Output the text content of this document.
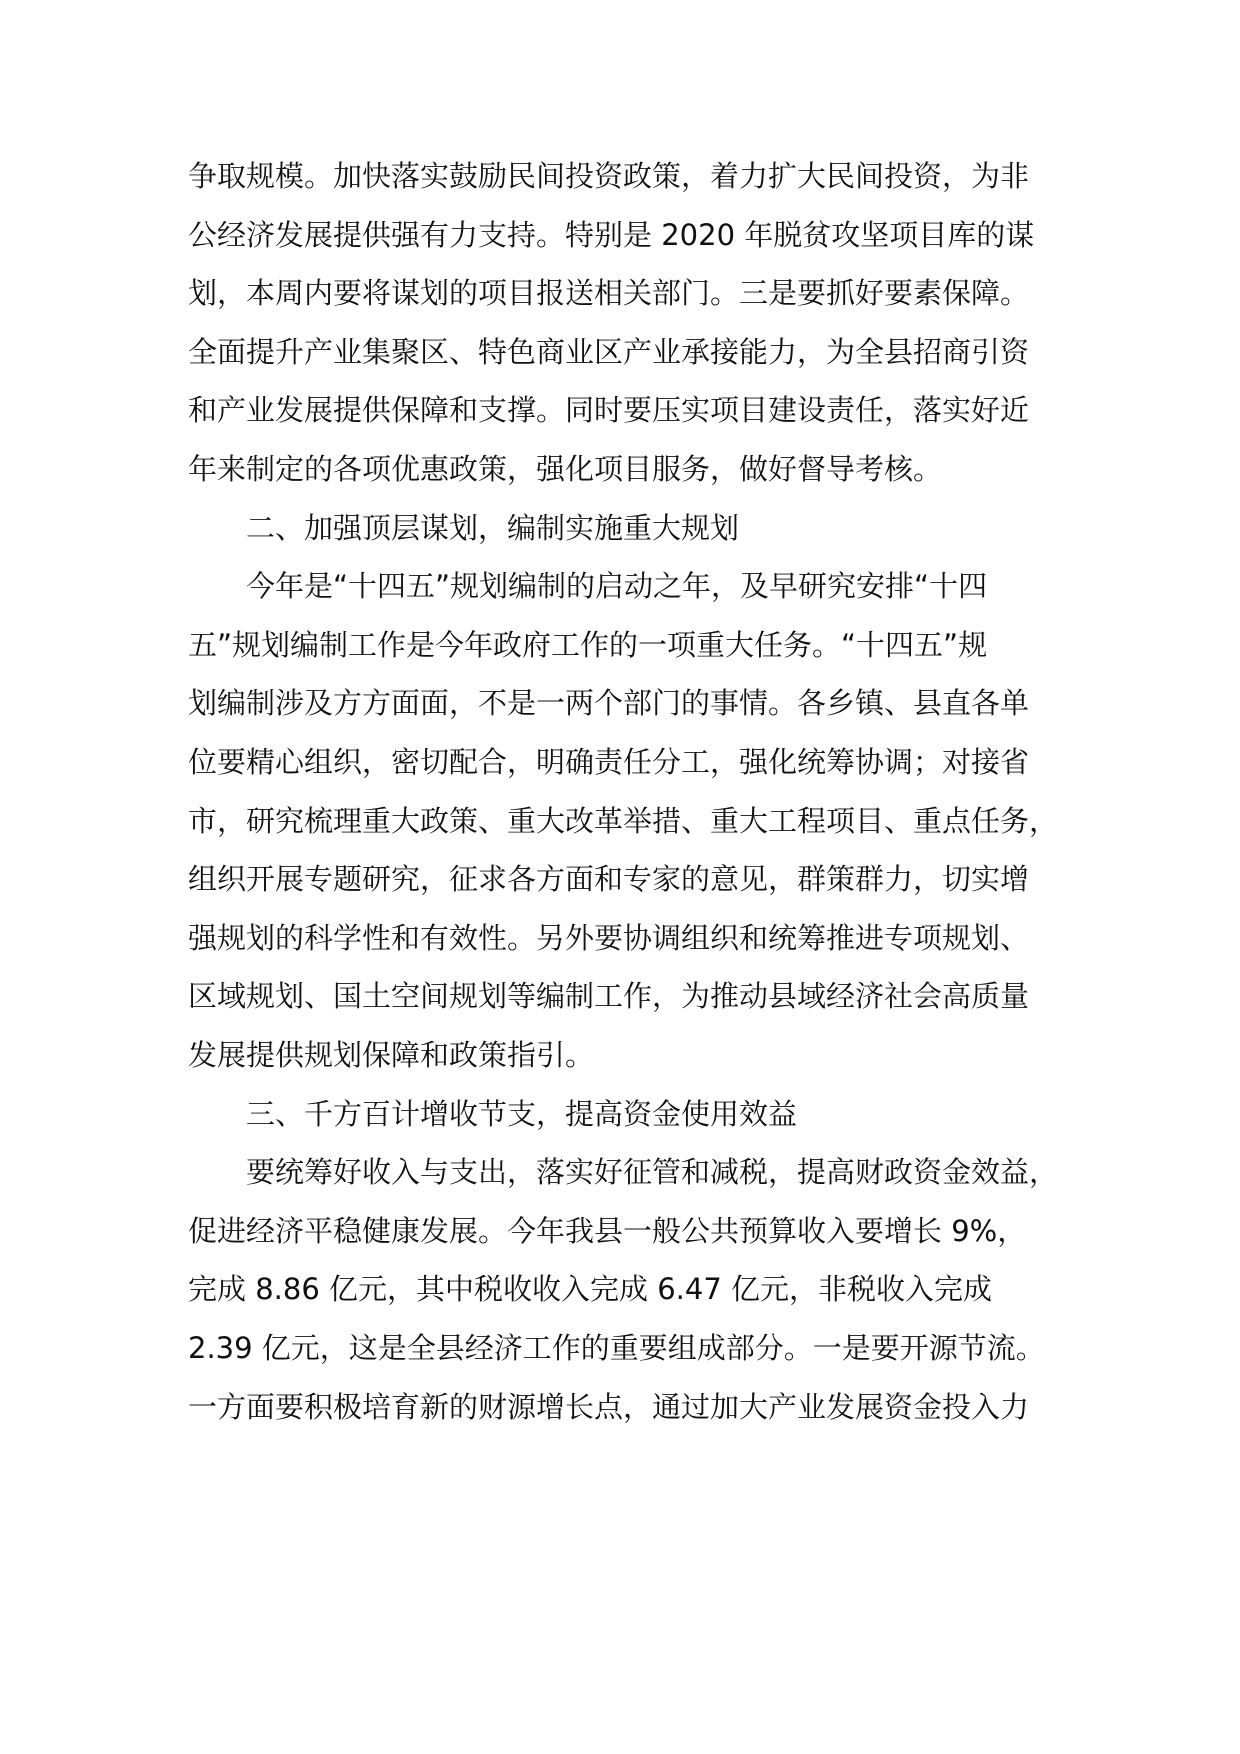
争取规模。加快落实鼓励民间投资政策，着力扩大民间投资，为非
公经济发展提供强有力支持。特别是 2020 年脱贫攻坚项目库的谋
划，本周内要将谋划的项目报送相关部门。三是要抓好要素保障。
全面提升产业集聚区、特色商业区产业承接能力，为全县招商引资
和产业发展提供保障和支撑。同时要压实项目建设责任，落实好近
年来制定的各项优惠政策，强化项目服务，做好督导考核。
二、加强顶层谋划，编制实施重大规划
今年是“十四五”规划编制的启动之年，及早研究安排“十四
五”规划编制工作是今年政府工作的一项重大任务。“十四五”规
划编制涉及方方面面，不是一两个部门的事情。各乡镇、县直各单
位要精心组织，密切配合，明确责任分工，强化统筹协调；对接省
市，研究梳理重大政策、重大改革举措、重大工程项目、重点任务，
组织开展专题研究，征求各方面和专家的意见，群策群力，切实增
强规划的科学性和有效性。另外要协调组织和统筹推进专项规划、
区域规划、国土空间规划等编制工作，为推动县域经济社会高质量
发展提供规划保障和政策指引。
三、千方百计增收节支，提高资金使用效益
要统筹好收入与支出，落实好征管和减税，提高财政资金效益，
促进经济平稳健康发展。今年我县一般公共预算收入要增长 9%，
完成 8.86 亿元，其中税收收入完成 6.47 亿元，非税收入完成
2.39 亿元，这是全县经济工作的重要组成部分。一是要开源节流。
一方面要积极培育新的财源增长点，通过加大产业发展资金投入力
